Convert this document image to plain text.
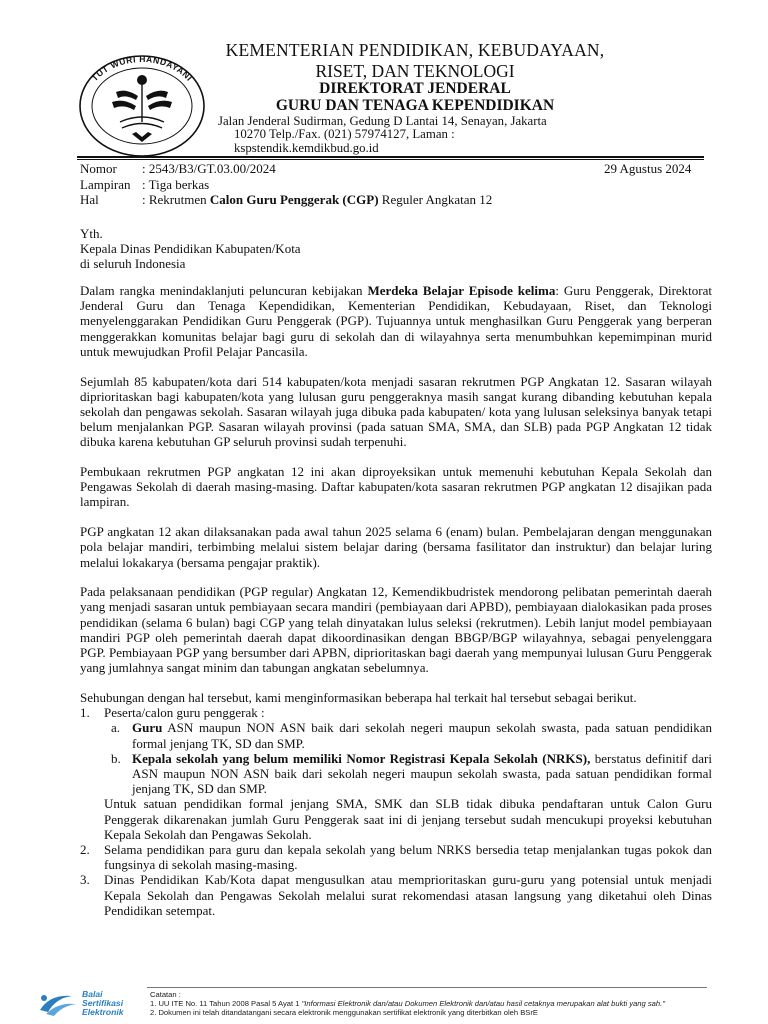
TUT WURI HANDAYANI
KEMENTERIAN PENDIDIKAN, KEBUDAYAAN,
RISET, DAN TEKNOLOGI
DIREKTORAT JENDERAL
GURU DAN TENAGA KEPENDIDIKAN
Jalan Jenderal Sudirman, Gedung D Lantai 14, Senayan, Jakarta
10270 Telp./Fax. (021) 57974127, Laman :
kspstendik.kemdikbud.go.id
Nomor : 2543/B3/GT.03.00/2024	29 Agustus 2024
Lampiran : Tiga berkas
Hal	: Rekrutmen Calon Guru Penggerak (CGP) Reguler Angkatan 12
Yth.
Kepala Dinas Pendidikan Kabupaten/Kota
di seluruh Indonesia

Dalam rangka menindaklanjuti peluncuran kebijakan Merdeka Belajar Episode kelima: Guru Penggerak, Direktorat Jenderal Guru dan Tenaga Kependidikan, Kementerian Pendidikan, Kebudayaan, Riset, dan Teknologi menyelenggarakan Pendidikan Guru Penggerak (PGP). Tujuannya untuk menghasilkan Guru Penggerak yang berperan menggerakkan komunitas belajar bagi guru di sekolah dan di wilayahnya serta menumbuhkan kepemimpinan murid untuk mewujudkan Profil Pelajar Pancasila.

Sejumlah 85 kabupaten/kota dari 514 kabupaten/kota menjadi sasaran rekrutmen PGP Angkatan 12. Sasaran wilayah diprioritaskan bagi kabupaten/kota yang lulusan guru penggeraknya masih sangat kurang dibanding kebutuhan kepala sekolah dan pengawas sekolah. Sasaran wilayah juga dibuka pada kabupaten/ kota yang lulusan seleksinya banyak tetapi belum menjalankan PGP. Sasaran wilayah provinsi (pada satuan SMA, SMA, dan SLB) pada PGP Angkatan 12 tidak dibuka karena kebutuhan GP seluruh provinsi sudah terpenuhi.

Pembukaan rekrutmen PGP angkatan 12 ini akan diproyeksikan untuk memenuhi kebutuhan Kepala Sekolah dan Pengawas Sekolah di daerah masing-masing. Daftar kabupaten/kota sasaran rekrutmen PGP angkatan 12 disajikan pada lampiran.

PGP angkatan 12 akan dilaksanakan pada awal tahun 2025 selama 6 (enam) bulan. Pembelajaran dengan menggunakan pola belajar mandiri, terbimbing melalui sistem belajar daring (bersama fasilitator dan instruktur) dan belajar luring melalui lokakarya (bersama pengajar praktik).

Pada pelaksanaan pendidikan (PGP regular) Angkatan 12, Kemendikbudristek mendorong pelibatan pemerintah daerah yang menjadi sasaran untuk pembiayaan secara mandiri (pembiayaan dari APBD), pembiayaan dialokasikan pada proses pendidikan (selama 6 bulan) bagi CGP yang telah dinyatakan lulus seleksi (rekrutmen). Lebih lanjut model pembiayaan mandiri PGP oleh pemerintah daerah dapat dikoordinasikan dengan BBGP/BGP wilayahnya, sebagai penyelenggara PGP. Pembiayaan PGP yang bersumber dari APBN, diprioritaskan bagi daerah yang mempunyai lulusan Guru Penggerak yang jumlahnya sangat minim dan tabungan angkatan sebelumnya.

Sehubungan dengan hal tersebut, kami menginformasikan beberapa hal terkait hal tersebut sebagai berikut.

1. Peserta/calon guru penggerak :
a. Guru ASN maupun NON ASN baik dari sekolah negeri maupun sekolah swasta, pada satuan pendidikan formal jenjang TK, SD dan SMP.
b. Kepala sekolah yang belum memiliki Nomor Registrasi Kepala Sekolah (NRKS), berstatus definitif dari ASN maupun NON ASN baik dari sekolah negeri maupun sekolah swasta, pada satuan pendidikan formal jenjang TK, SD dan SMP.
Untuk satuan pendidikan formal jenjang SMA, SMK dan SLB tidak dibuka pendaftaran untuk Calon Guru Penggerak dikarenakan jumlah Guru Penggerak saat ini di jenjang tersebut sudah mencukupi proyeksi kebutuhan Kepala Sekolah dan Pengawas Sekolah.
2. Selama pendidikan para guru dan kepala sekolah yang belum NRKS bersedia tetap menjalankan tugas pokok dan fungsinya di sekolah masing-masing.
3. Dinas Pendidikan Kab/Kota dapat mengusulkan atau memprioritaskan guru-guru yang potensial untuk menjadi Kepala Sekolah dan Pengawas Sekolah melalui surat rekomendasi atasan langsung yang diketahui oleh Dinas Pendidikan setempat.
Balai
Sertifikasi
Elektronik
Catatan :
1. UU ITE No. 11 Tahun 2008 Pasal 5 Ayat 1 "Informasi Elektronik dan/atau Dokumen Elektronik dan/atau hasil cetaknya merupakan alat bukti yang sah."
2. Dokumen ini telah ditandatangani secara elektronik menggunakan sertifikat elektronik yang diterbitkan oleh BSrE
